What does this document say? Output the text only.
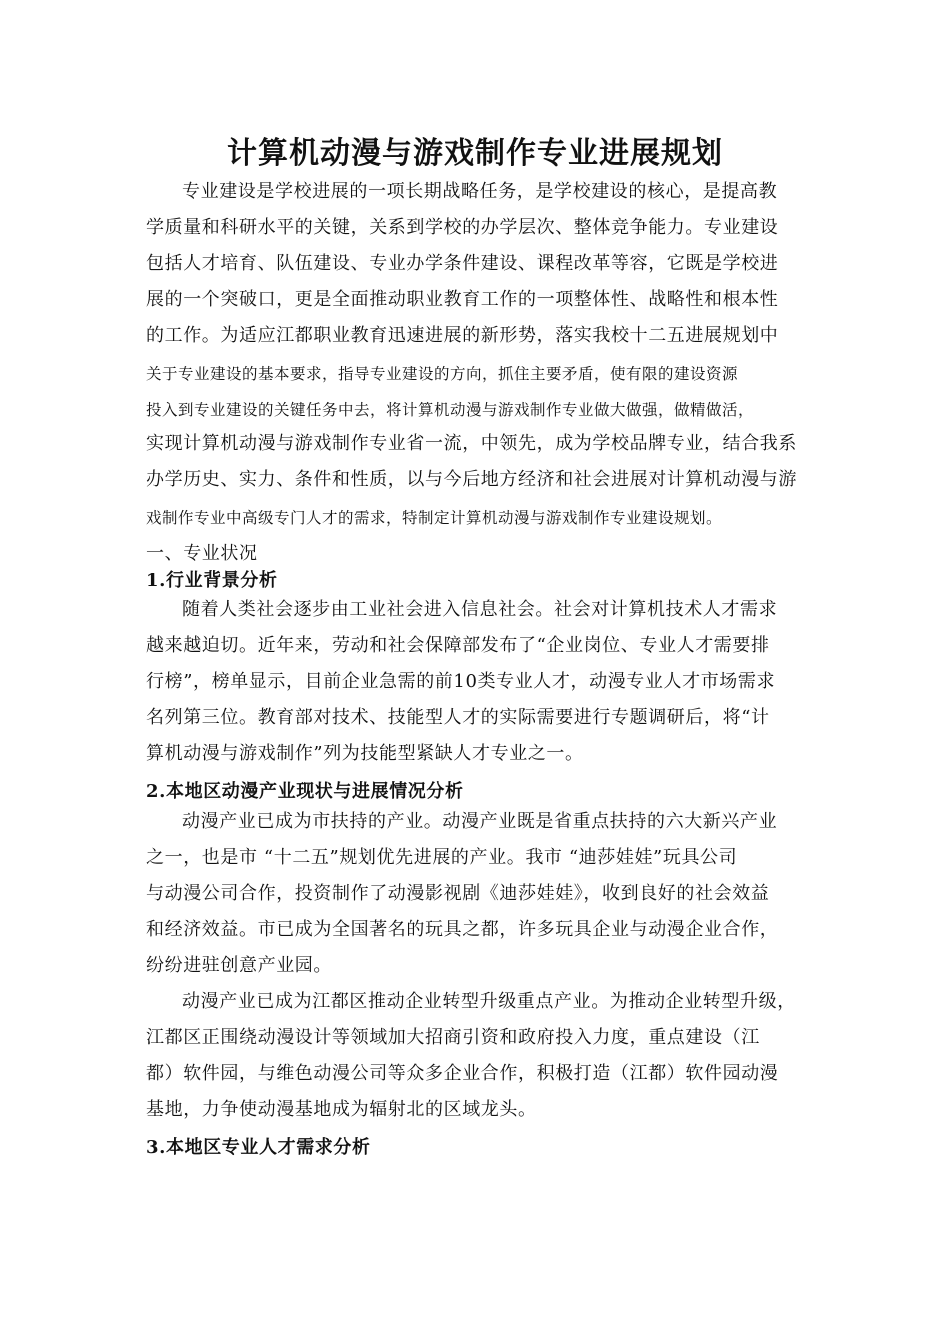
计算机动漫与游戏制作专业进展规划

专业建设是学校进展的一项长期战略任务，是学校建设的核心，是提高教

学质量和科研水平的关键，关系到学校的办学层次、整体竞争能力。专业建设

包括人才培育、队伍建设、专业办学条件建设、课程改革等容，它既是学校进

展的一个突破口，更是全面推动职业教育工作的一项整体性、战略性和根本性

的工作。为适应江都职业教育迅速进展的新形势，落实我校十二五进展规划中

关于专业建设的基本要求，指导专业建设的方向，抓住主要矛盾，使有限的建设资源

投入到专业建设的关键任务中去，将计算机动漫与游戏制作专业做大做强，做精做活，

实现计算机动漫与游戏制作专业省一流，中领先，成为学校品牌专业，结合我系

办学历史、实力、条件和性质，以与今后地方经济和社会进展对计算机动漫与游

戏制作专业中高级专门人才的需求，特制定计算机动漫与游戏制作专业建设规划。

一、专业状况

1.行业背景分析

随着人类社会逐步由工业社会进入信息社会。社会对计算机技术人才需求

越来越迫切。近年来，劳动和社会保障部发布了“企业岗位、专业人才需要排

行榜”，榜单显示，目前企业急需的前10类专业人才，动漫专业人才市场需求

名列第三位。教育部对技术、技能型人才的实际需要进行专题调研后，将“计

算机动漫与游戏制作”列为技能型紧缺人才专业之一。

2.本地区动漫产业现状与进展情况分析

动漫产业已成为市扶持的产业。动漫产业既是省重点扶持的六大新兴产业

之一，也是市 “十二五”规划优先进展的产业。我市 “迪莎娃娃”玩具公司

与动漫公司合作，投资制作了动漫影视剧《迪莎娃娃》，收到良好的社会效益

和经济效益。市已成为全国著名的玩具之都，许多玩具企业与动漫企业合作，

纷纷进驻创意产业园。

动漫产业已成为江都区推动企业转型升级重点产业。为推动企业转型升级，

江都区正围绕动漫设计等领域加大招商引资和政府投入力度，重点建设（江

都）软件园，与维色动漫公司等众多企业合作，积极打造（江都）软件园动漫

基地，力争使动漫基地成为辐射北的区域龙头。

3.本地区专业人才需求分析
